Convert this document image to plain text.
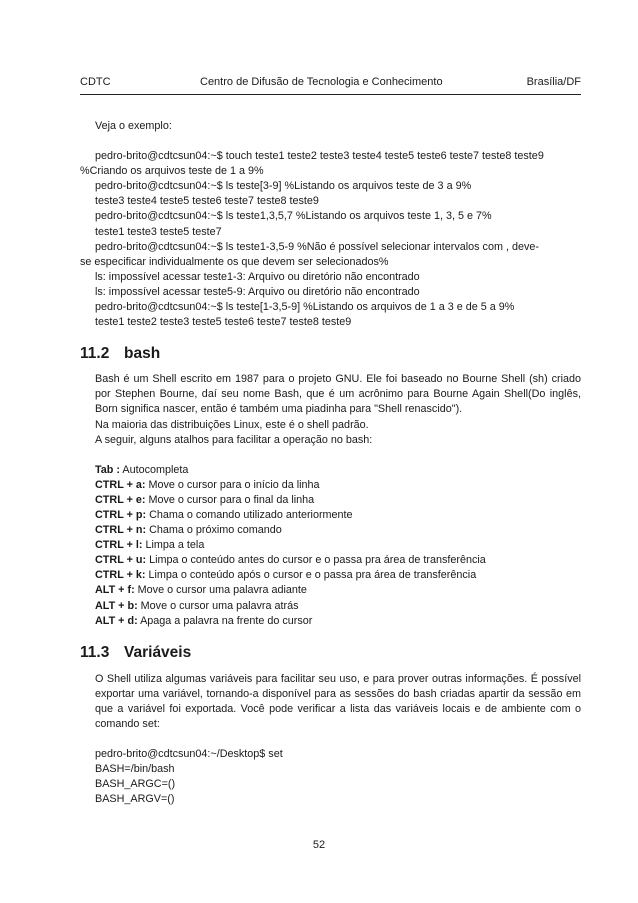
CDTC	Centro de Difusão de Tecnologia e Conhecimento	Brasília/DF

Veja o exemplo:

pedro-brito@cdtcsun04:~$ touch teste1 teste2 teste3 teste4 teste5 teste6 teste7 teste8 teste9

%Criando os arquivos teste de 1 a 9%

pedro-brito@cdtcsun04:~$ ls teste[3-9] %Listando os arquivos teste de 3 a 9%

teste3 teste4 teste5 teste6 teste7 teste8 teste9

pedro-brito@cdtcsun04:~$ ls teste1,3,5,7 %Listando os arquivos teste 1, 3, 5 e 7%

teste1 teste3 teste5 teste7

pedro-brito@cdtcsun04:~$ ls teste1-3,5-9 %Não é possível selecionar intervalos com , deve-

se especificar individualmente os que devem ser selecionados%

ls: impossível acessar teste1-3: Arquivo ou diretório não encontrado

ls: impossível acessar teste5-9: Arquivo ou diretório não encontrado

pedro-brito@cdtcsun04:~$ ls teste[1-3,5-9] %Listando os arquivos de 1 a 3 e de 5 a 9%

teste1 teste2 teste3 teste5 teste6 teste7 teste8 teste9

11.2 bash

Bash é um Shell escrito em 1987 para o projeto GNU. Ele foi baseado no Bourne Shell (sh) criado por Stephen Bourne, daí seu nome Bash, que é um acrônimo para Bourne Again Shell(Do inglês, Born significa nascer, então é também uma piadinha para "Shell renascido").

Na maioria das distribuições Linux, este é o shell padrão.

A seguir, alguns atalhos para facilitar a operação no bash:

Tab : Autocompleta

CTRL + a: Move o cursor para o início da linha

CTRL + e: Move o cursor para o final da linha

CTRL + p: Chama o comando utilizado anteriormente

CTRL + n: Chama o próximo comando

CTRL + l: Limpa a tela

CTRL + u: Limpa o conteúdo antes do cursor e o passa pra área de transferência

CTRL + k: Limpa o conteúdo após o cursor e o passa pra área de transferência

ALT + f: Move o cursor uma palavra adiante

ALT + b: Move o cursor uma palavra atrás

ALT + d: Apaga a palavra na frente do cursor

11.3 Variáveis

O Shell utiliza algumas variáveis para facilitar seu uso, e para prover outras informações. É possível exportar uma variável, tornando-a disponível para as sessões do bash criadas apartir da sessão em que a variável foi exportada. Você pode verificar a lista das variáveis locais e de ambiente com o comando set:

pedro-brito@cdtcsun04:~/Desktop$ set

BASH=/bin/bash

BASH_ARGC=()

BASH_ARGV=()

52
